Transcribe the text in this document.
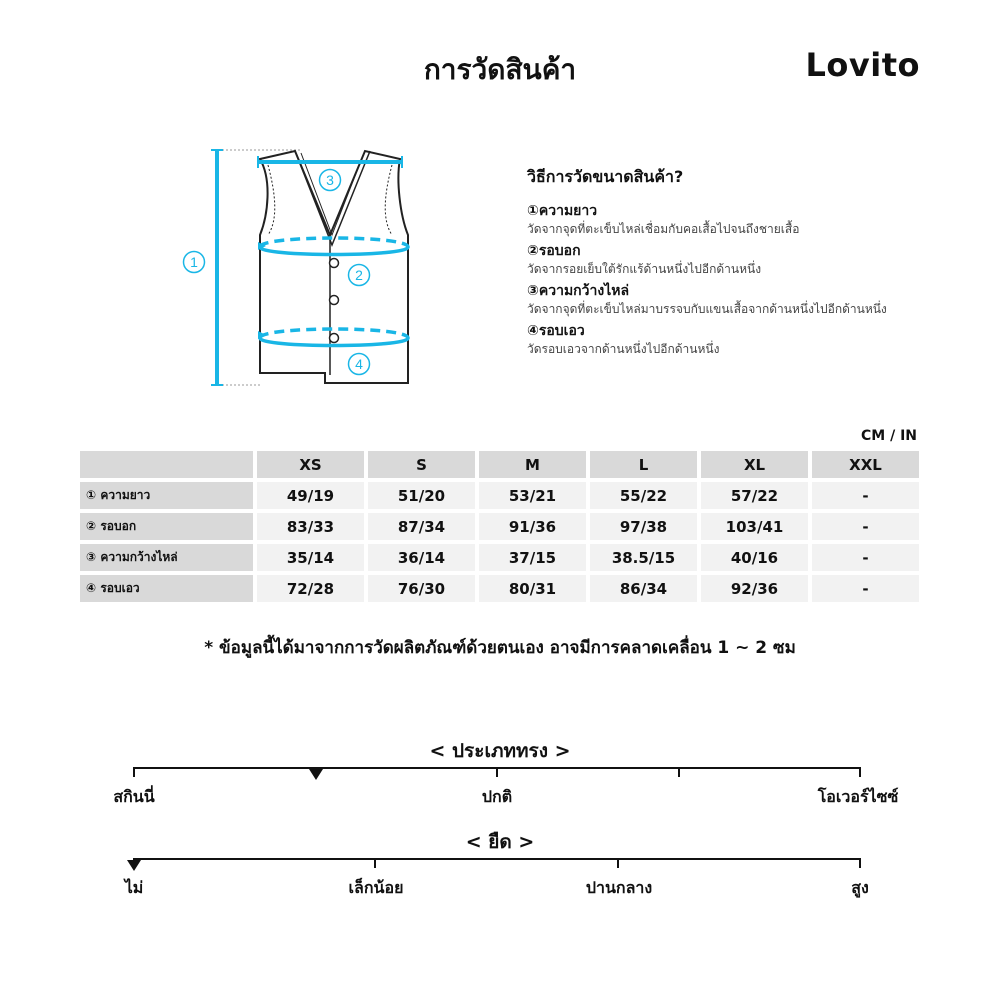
การวัดสินค้า	Lovito
1
2
3
4
วิธีการวัดขนาดสินค้า?
①ความยาว
วัดจากจุดที่ตะเข็บไหล่เชื่อมกับคอเสื้อไปจนถึงชายเสื้อ
②รอบอก
วัดจากรอยเย็บใต้รักแร้ด้านหนึ่งไปอีกด้านหนึ่ง
③ความกว้างไหล่
วัดจากจุดที่ตะเข็บไหล่มาบรรจบกับแขนเสื้อจากด้านหนึ่งไปอีกด้านหนึ่ง
④รอบเอว
วัดรอบเอวจากด้านหนึ่งไปอีกด้านหนึ่ง
CM / IN
	XS	S	M	L	XL	XXL
① ความยาว	49/19	51/20	53/21	55/22	57/22	-
② รอบอก	83/33	87/34	91/36	97/38	103/41	-
③ ความกว้างไหล่	35/14	36/14	37/15	38.5/15	40/16	-
④ รอบเอว	72/28	76/30	80/31	86/34	92/36	-
* ข้อมูลนี้ได้มาจากการวัดผลิตภัณฑ์ด้วยตนเอง อาจมีการคลาดเคลื่อน 1 ~ 2 ซม
< ประเภททรง >
สกินนี่	ปกติ	โอเวอร์ไซซ์
< ยืด >
ไม่	เล็กน้อย	ปานกลาง	สูง
